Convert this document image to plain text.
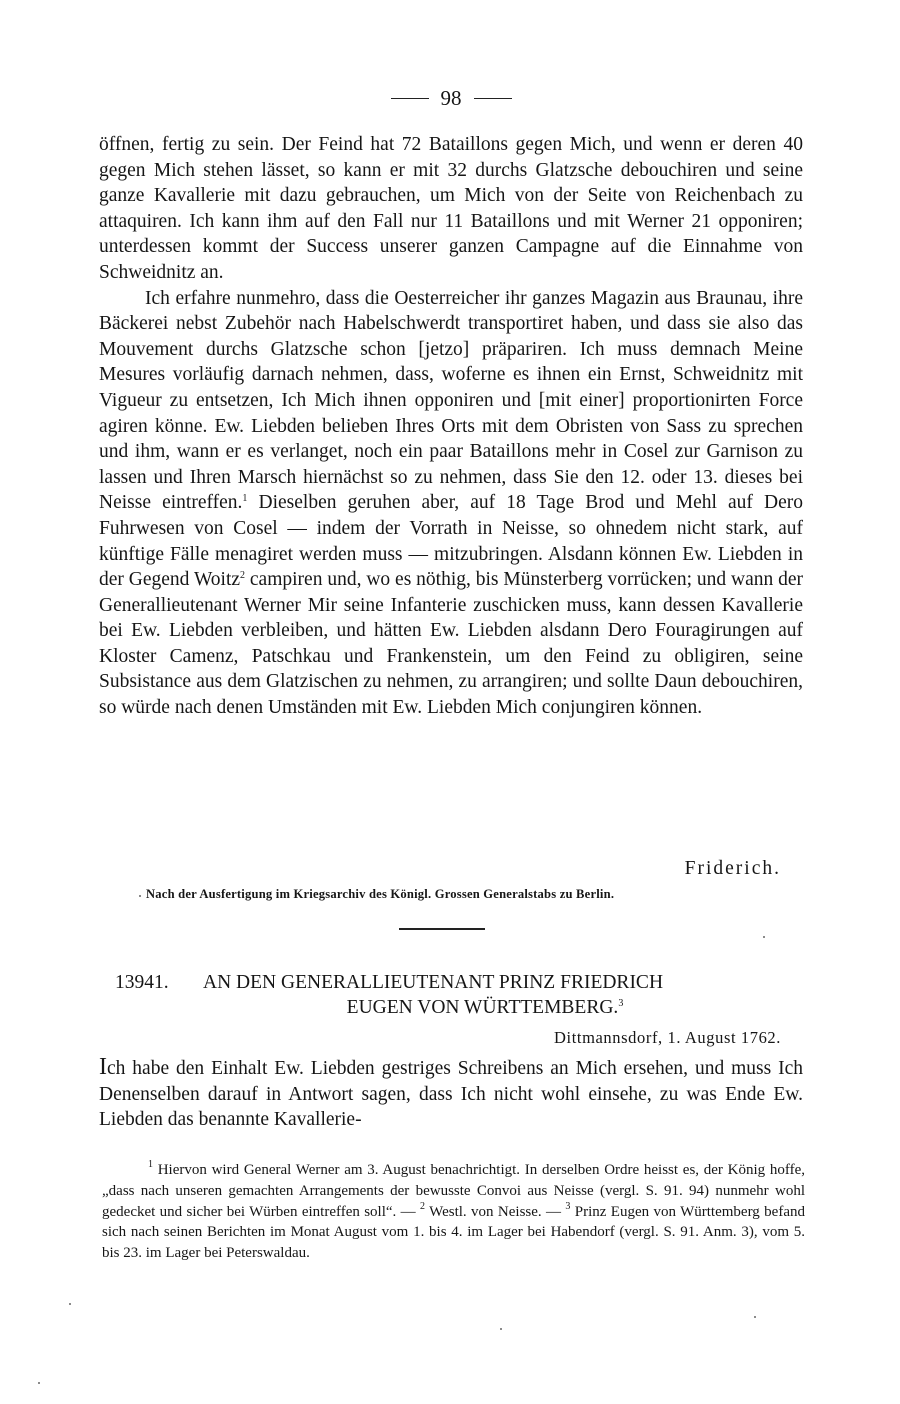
98

öffnen, fertig zu sein. Der Feind hat 72 Bataillons gegen Mich, und wenn er deren 40 gegen Mich stehen lässet, so kann er mit 32 durchs Glatzsche debouchiren und seine ganze Kavallerie mit dazu gebrauchen, um Mich von der Seite von Reichenbach zu attaquiren. Ich kann ihm auf den Fall nur 11 Bataillons und mit Werner 21 opponiren; unterdessen kommt der Success unserer ganzen Campagne auf die Einnahme von Schweidnitz an.

Ich erfahre nunmehro, dass die Oesterreicher ihr ganzes Magazin aus Braunau, ihre Bäckerei nebst Zubehör nach Habelschwerdt transportiret haben, und dass sie also das Mouvement durchs Glatzsche schon [jetzo] präpariren. Ich muss demnach Meine Mesures vorläufig darnach nehmen, dass, woferne es ihnen ein Ernst, Schweidnitz mit Vigueur zu entsetzen, Ich Mich ihnen opponiren und [mit einer] proportionirten Force agiren könne. Ew. Liebden belieben Ihres Orts mit dem Obristen von Sass zu sprechen und ihm, wann er es verlanget, noch ein paar Bataillons mehr in Cosel zur Garnison zu lassen und Ihren Marsch hiernächst so zu nehmen, dass Sie den 12. oder 13. dieses bei Neisse eintreffen.$^1$ Dieselben geruhen aber, auf 18 Tage Brod und Mehl auf Dero Fuhrwesen von Cosel — indem der Vorrath in Neisse, so ohnedem nicht stark, auf künftige Fälle menagiret werden muss — mitzubringen. Alsdann können Ew. Liebden in der Gegend Woitz$^2$ campiren und, wo es nöthig, bis Münsterberg vorrücken; und wann der Generallieutenant Werner Mir seine Infanterie zuschicken muss, kann dessen Kavallerie bei Ew. Liebden verbleiben, und hätten Ew. Liebden alsdann Dero Fouragirungen auf Kloster Camenz, Patschkau und Frankenstein, um den Feind zu obligiren, seine Subsistance aus dem Glatzischen zu nehmen, zu arrangiren; und sollte Daun debouchiren, so würde nach denen Umständen mit Ew. Liebden Mich conjungiren können.

Friderich.
Nach der Ausfertigung im Kriegsarchiv des Königl. Grossen Generalstabs zu Berlin.
13941. AN DEN GENERALLIEUTENANT PRINZ FRIEDRICH
EUGEN VON WÜRTTEMBERG.$^3$
Dittmannsdorf, 1. August 1762.
Ich habe den Einhalt Ew. Liebden gestriges Schreibens an Mich ersehen, und muss Ich Denenselben darauf in Antwort sagen, dass Ich nicht wohl einsehe, zu was Ende Ew. Liebden das benannte Kavallerie-

$^1$ Hiervon wird General Werner am 3. August benachrichtigt. In derselben Ordre heisst es, der König hoffe, „dass nach unseren gemachten Arrangements der bewusste Convoi aus Neisse (vergl. S. 91. 94) nunmehr wohl gedecket und sicher bei Würben eintreffen soll“. — $^2$ Westl. von Neisse. — $^3$ Prinz Eugen von Württemberg befand sich nach seinen Berichten im Monat August vom 1. bis 4. im Lager bei Habendorf (vergl. S. 91. Anm. 3), vom 5. bis 23. im Lager bei Peterswaldau.
